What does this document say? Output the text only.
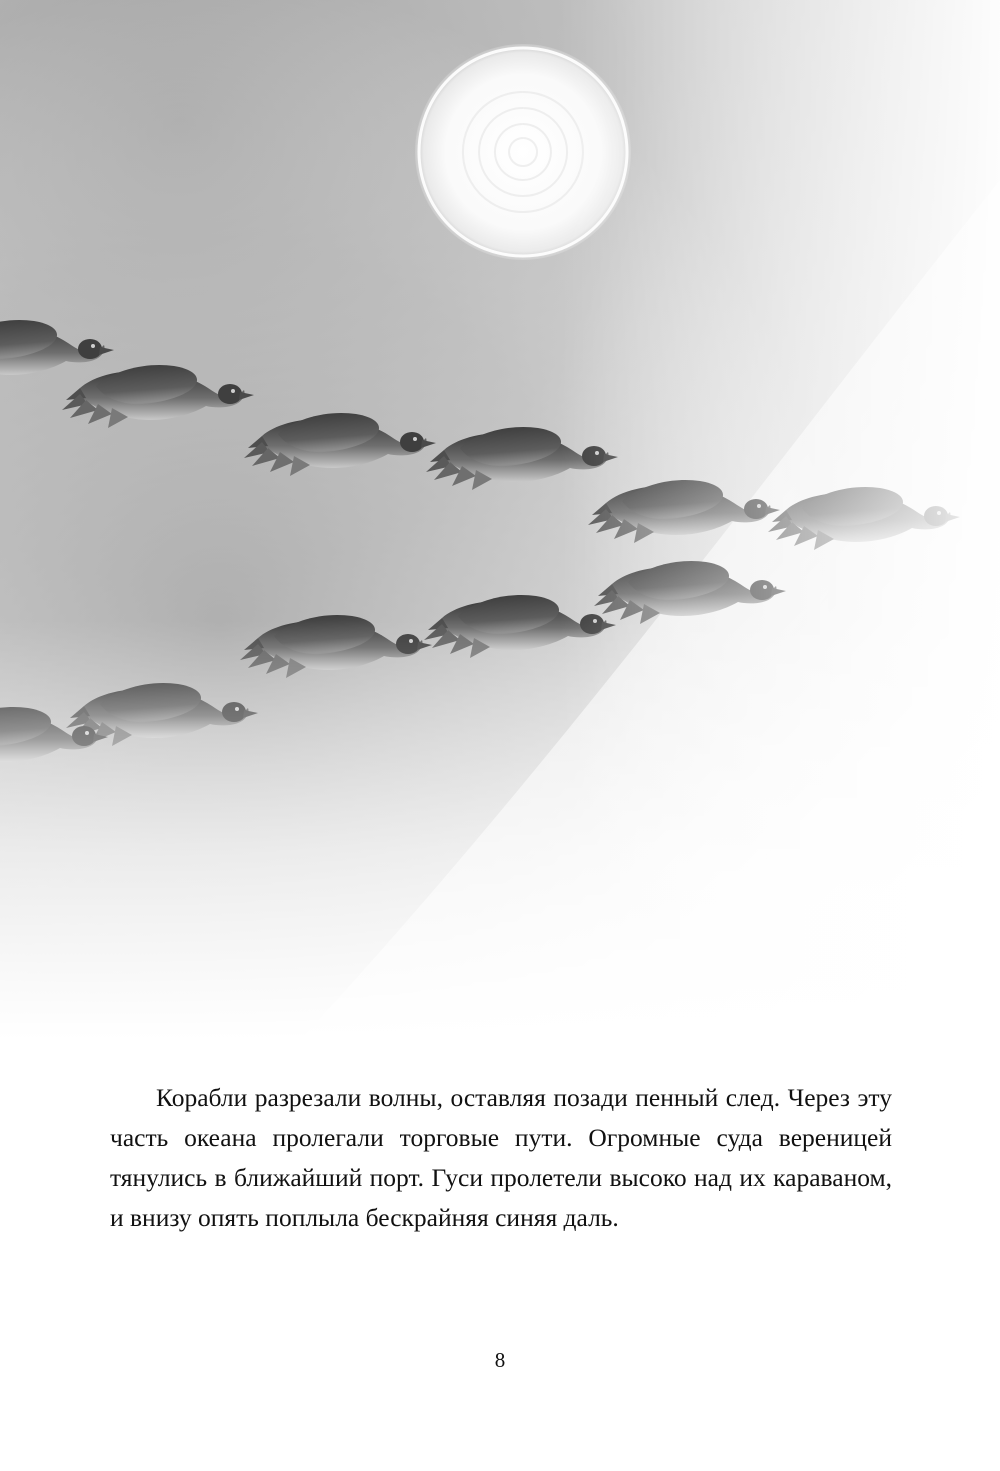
Корабли разрезали волны, оставляя позади пенный след. Через эту часть океана пролегали торговые пути. Огромные суда вереницей тянулись в ближайший порт. Гуси пролетели высоко над их караваном, и внизу опять поплыла бескрайняя синяя даль.

8
